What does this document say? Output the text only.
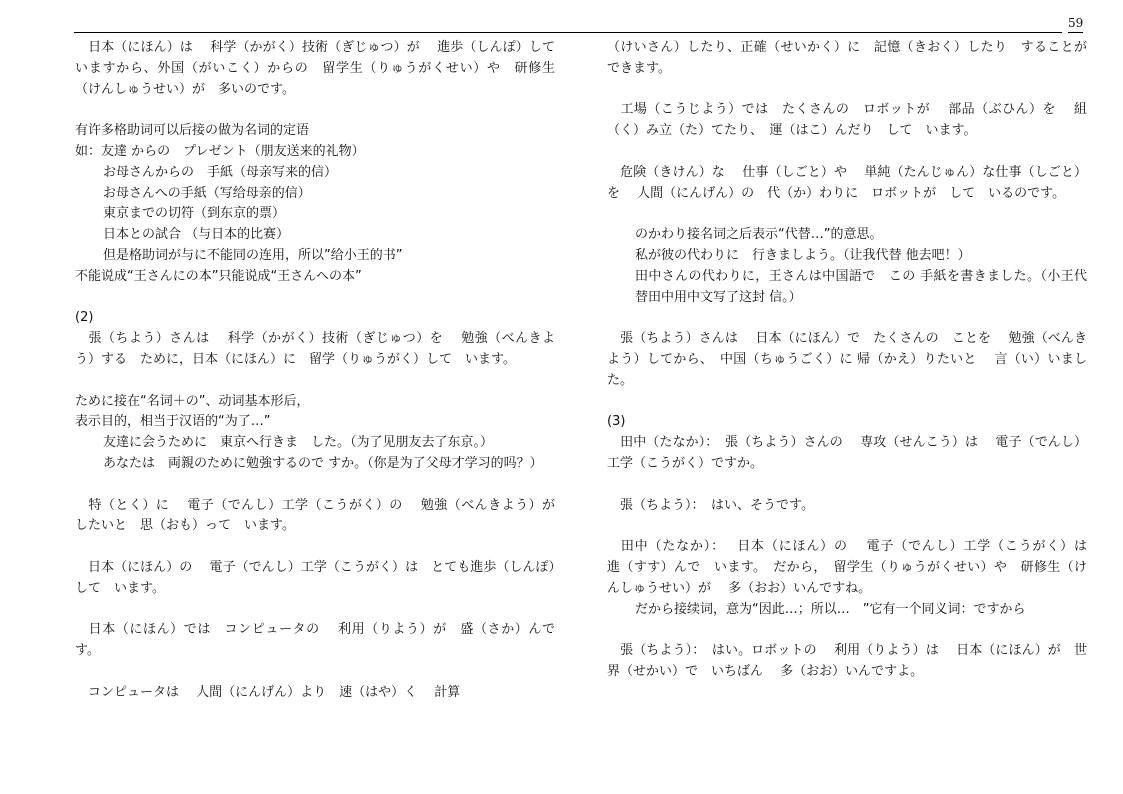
59

　日本（にほん）は　 科学（かがく）技術（ぎじゅつ）が 　進歩（しんぽ）して　いますから、外国（がいこく）からの　留学生（りゅうがくせい）や　研修生（けんしゅうせい）が　多いのです。

有许多格助词可以后接の做为名词的定语

如：友達 からの　プレゼント（朋友送来的礼物）

お母さんからの　手紙（母亲写来的信）

お母さんへの手紙（写给母亲的信）

東京までの切符（到东京的票）

日本との試合 （与日本的比赛）

但是格助词が与に不能同の连用，所以”给小王的书”

不能说成“王さんにの本”只能说成“王さんへの本”

(2)

　張（ちよう）さんは　 科学（かがく）技術（ぎじゅつ）を　 勉強（べんきよう）する　ために，日本（にほん）に　留学（りゅうがく）して　います。

ために接在“名词＋の”、动词基本形后，

表示目的，相当于汉语的“为了…”

友達に会うために　東京へ行きま　した。（为了见朋友去了东京。）

あなたは　両親のために勉強するので すか。（你是为了父母才学习的吗？）

　特（とく）に　 電子（でんし）工学（こうがく）の 　勉強（べんきよう）が したいと　思（おも）って　います。

　日本（にほん）の　 電子（でんし）工学（こうがく）は　とても進歩（しんぽ）して　います。

　日本（にほん）では　コンピュータの　 利用（りよう）が　盛（さか）んです。

　コンピュータは　 人間（にんげん）より　速（はや）く　 計算

（けいさん）したり、正確（せいかく）に　記憶（きおく）したり　することが　できます。

　工場（こうじよう）では　たくさんの　ロボットが　 部品（ぶひん）を　 組（く）み立（た）てたり、　運（はこ）んだり　して　います。

　危険（きけん）な　 仕事（しごと）や　 単純（たんじゅん）な仕事（しごと）を　 人間（にんげん）の　代（か）わりに　ロボットが　して　いるのです。

のかわり接名词之后表示“代替…”的意思。

私が彼の代わりに　行きましよう。（让我代替 他去吧！）

田中さんの代わりに，王さんは中国語で　この 手紙を書きました。（小王代替田中用中文写了这封 信。）

　張（ちよう）さんは　 日本（にほん）で　たくさんの　ことを　 勉強（べんきよう）してから、　中国（ちゅうごく）に 帰（かえ）りたいと　 言（い）いました。

(3)

　田中（たなか）：　張（ちよう）さんの　 専攻（せんこう）は　 電子（でんし）工学（こうがく）ですか。

　張（ちよう）：　はい、そうです。

　田中（たなか）：　 日本（にほん）の　 電子（でんし）工学（こうがく）は　 進（すす）んで　います。　だから，　留学生（りゅうがくせい）や　研修生（けんしゅうせい）が　 多（おお）いんですね。

だから接续词，意为“因此…；所以…　”它有一个同义词：ですから

　張（ちよう）：　はい。ロボットの　 利用（りよう）は　 日本（にほん）が　世界（せかい）で　いちばん　 多（おお）いんですよ。
